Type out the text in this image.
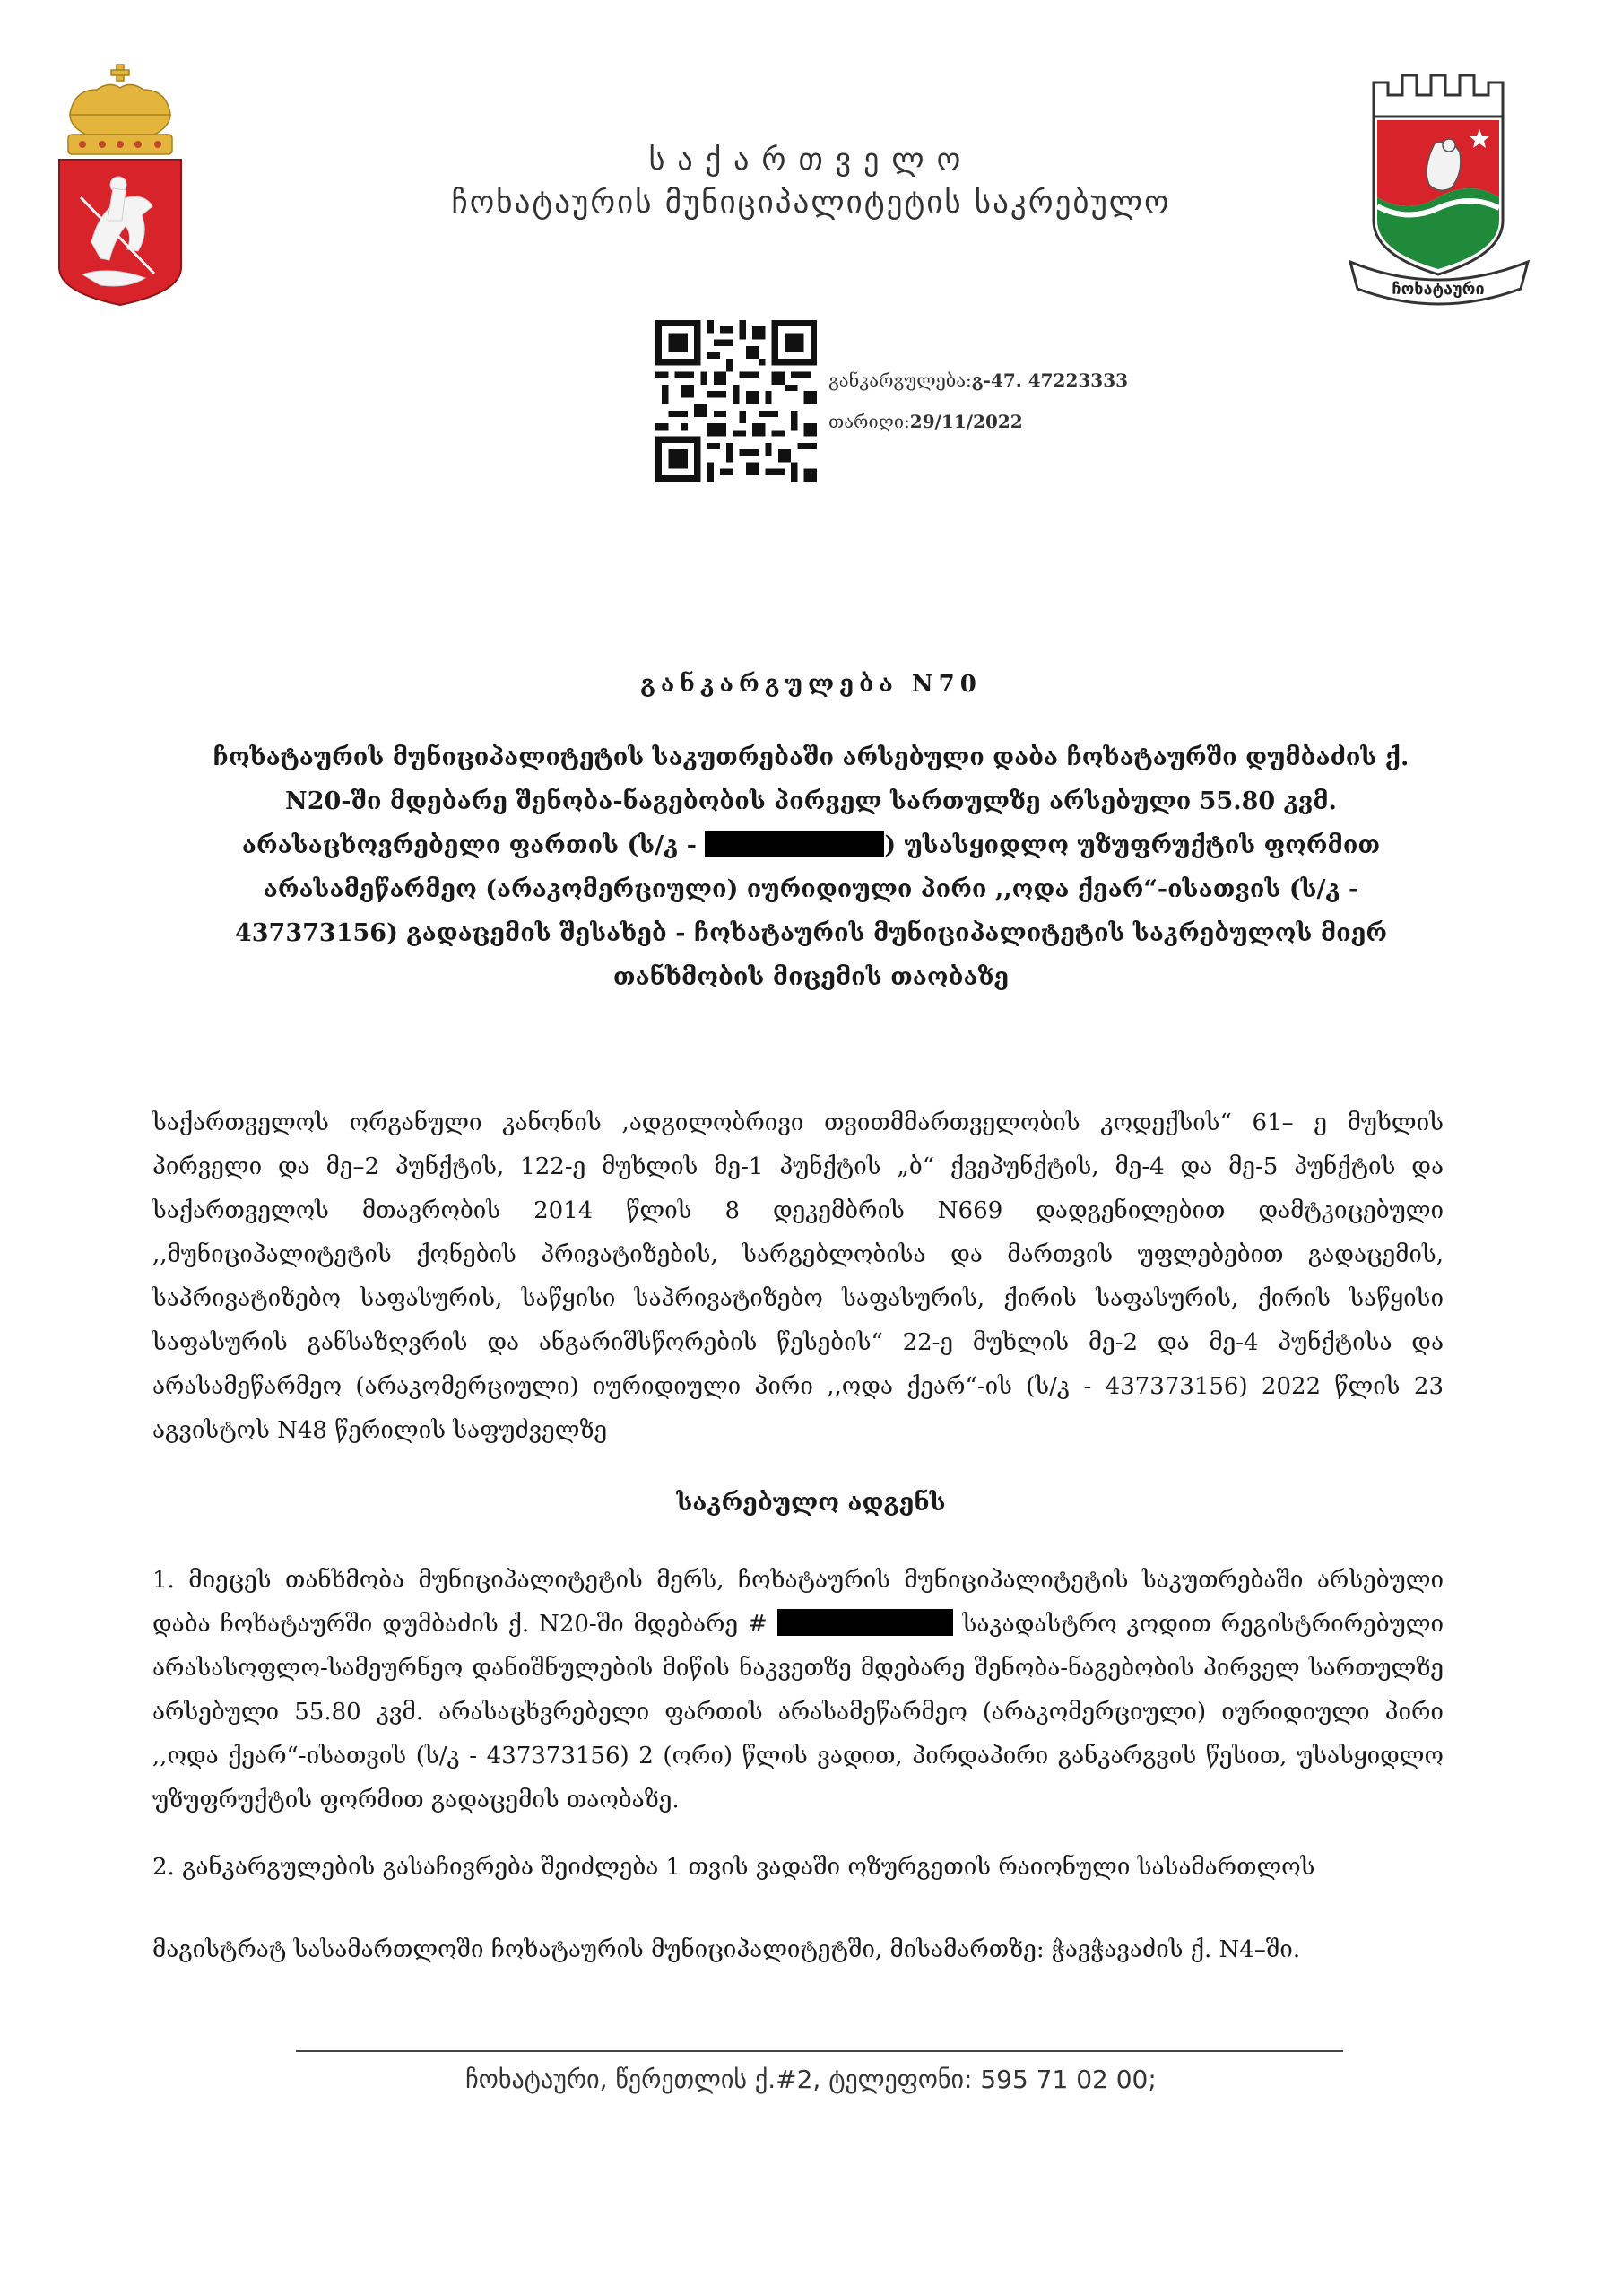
საქართველო
ჩოხატაურის მუნიციპალიტეტის საკრებულო
ჩოხატაური
განკარგულება:გ-47. 47223333
თარიღი:29/11/2022
განკარგულება N70
ჩოხატაურის მუნიციპალიტეტის საკუთრებაში არსებული დაბა ჩოხატაურში დუმბაძის ქ.
N20-ში მდებარე შენობა-ნაგებობის პირველ სართულზე არსებული 55.80 კვმ.
არასაცხოვრებელი ფართის (ს/კ -	) უსასყიდლო უზუფრუქტის ფორმით
არასამეწარმეო (არაკომერციული) იურიდიული პირი ,,ოდა ქეარ“-ისათვის (ს/კ -
437373156) გადაცემის შესახებ - ჩოხატაურის მუნიციპალიტეტის საკრებულოს მიერ
თანხმობის მიცემის თაობაზე
საქართველოს ორგანული კანონის ,ადგილობრივი თვითმმართველობის კოდექსის“ 61– ე მუხლის პირველი და მე–2 პუნქტის, 122-ე მუხლის მე-1 პუნქტის „ბ“ ქვეპუნქტის, მე-4 და მე-5 პუნქტის და საქართველოს მთავრობის 2014 წლის 8 დეკემბრის N669 დადგენილებით დამტკიცებული ,,მუნიციპალიტეტის ქონების პრივატიზების, სარგებლობისა და მართვის უფლებებით გადაცემის, საპრივატიზებო საფასურის, საწყისი საპრივატიზებო საფასურის, ქირის საფასურის, ქირის საწყისი საფასურის განსაზღვრის და ანგარიშსწორების წესების“ 22-ე მუხლის მე-2 და მე-4 პუნქტისა და არასამეწარმეო (არაკომერციული) იურიდიული პირი ,,ოდა ქეარ“-ის (ს/კ - 437373156) 2022 წლის 23 აგვისტოს N48 წერილის საფუძველზე
საკრებულო ადგენს
1. მიეცეს თანხმობა მუნიციპალიტეტის მერს, ჩოხატაურის მუნიციპალიტეტის საკუთრებაში არსებული დაბა ჩოხატაურში დუმბაძის ქ. N20-ში მდებარე #	საკადასტრო კოდით რეგისტრირებული არასასოფლო-სამეურნეო დანიშნულების მიწის ნაკვეთზე მდებარე შენობა-ნაგებობის პირველ სართულზე არსებული 55.80 კვმ. არასაცხვრებელი ფართის არასამეწარმეო (არაკომერციული) იურიდიული პირი ,,ოდა ქეარ“-ისათვის (ს/კ - 437373156) 2 (ორი) წლის ვადით, პირდაპირი განკარგვის წესით, უსასყიდლო უზუფრუქტის ფორმით გადაცემის თაობაზე.
2. განკარგულების გასაჩივრება შეიძლება 1 თვის ვადაში ოზურგეთის რაიონული სასამართლოს
მაგისტრატ სასამართლოში ჩოხატაურის მუნიციპალიტეტში, მისამართზე: ჭავჭავაძის ქ. N4–ში.
ჩოხატაური, წერეთლის ქ.#2, ტელეფონი: 595 71 02 00;
